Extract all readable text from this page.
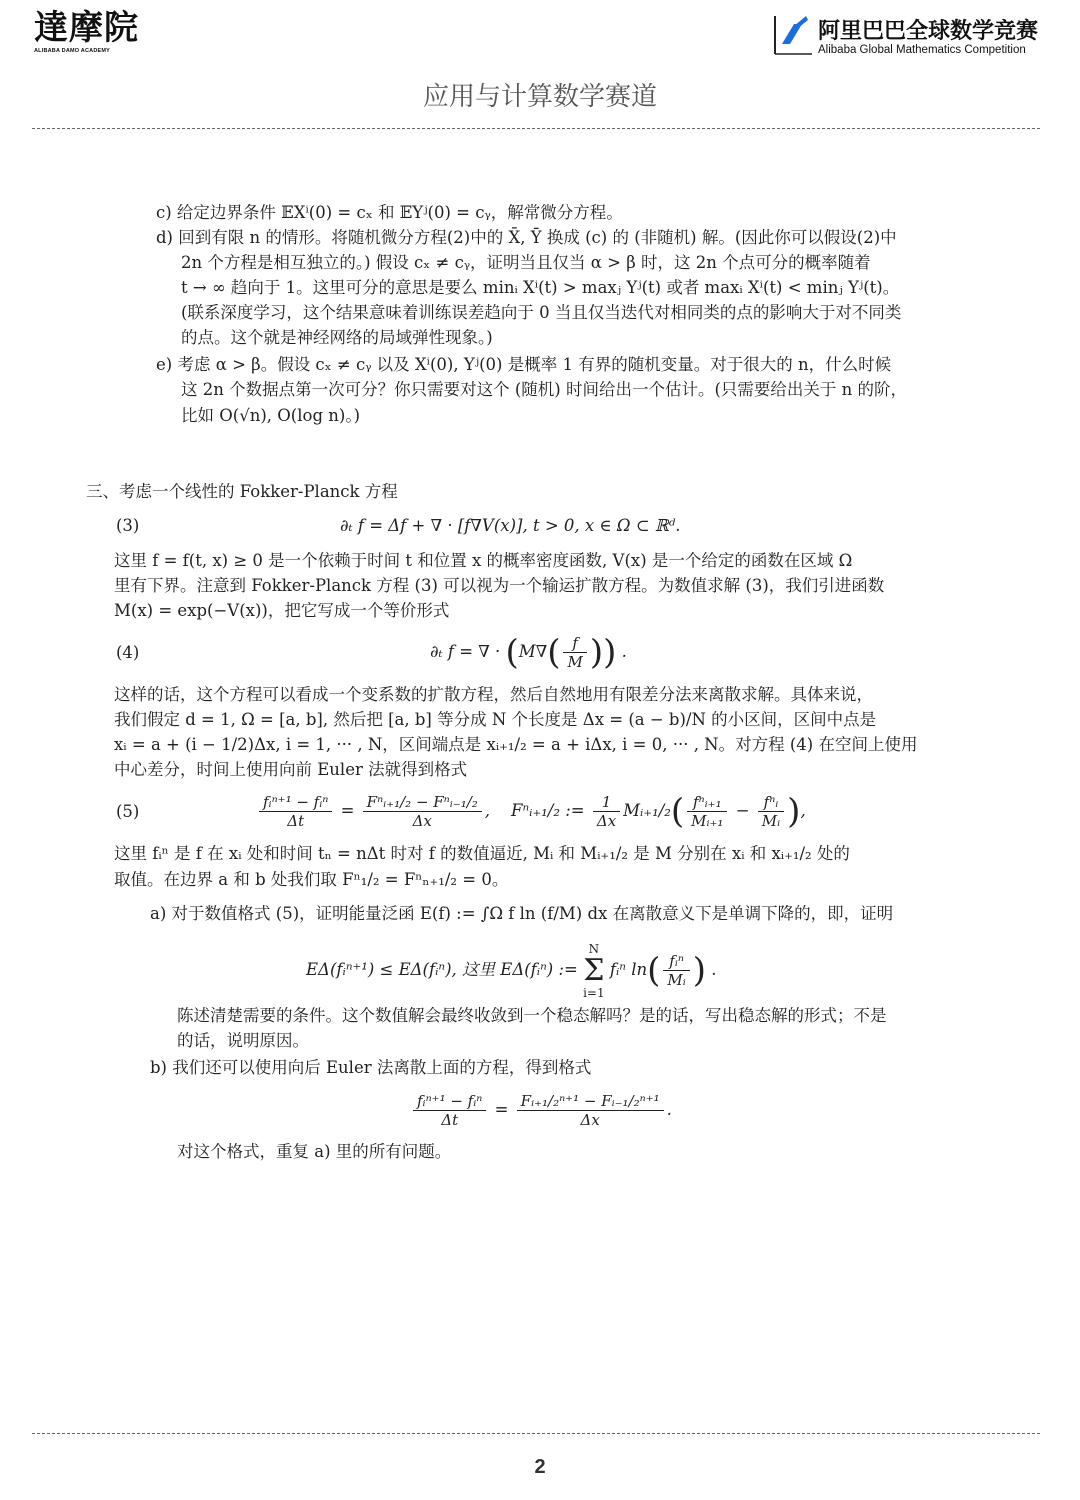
達摩院
ALIBABA DAMO ACADEMY
阿里巴巴全球数学竞赛
Alibaba Global Mathematics Competition
应用与计算数学赛道
c) 给定边界条件 𝔼Xⁱ(0) = cₓ 和 𝔼Yʲ(0) = cᵧ，解常微分方程。
d) 回到有限 n 的情形。将随机微分方程(2)中的 X̄, Ȳ 换成 (c) 的 (非随机) 解。(因此你可以假设(2)中
2n 个方程是相互独立的。) 假设 cₓ ≠ cᵧ，证明当且仅当 α > β 时，这 2n 个点可分的概率随着
t → ∞ 趋向于 1。这里可分的意思是要么 minᵢ Xⁱ(t) > maxⱼ Yʲ(t) 或者 maxᵢ Xⁱ(t) < minⱼ Yʲ(t)。
(联系深度学习，这个结果意味着训练误差趋向于 0 当且仅当迭代对相同类的点的影响大于对不同类
的点。这个就是神经网络的局域弹性现象。)
e) 考虑 α > β。假设 cₓ ≠ cᵧ 以及 Xⁱ(0), Yʲ(0) 是概率 1 有界的随机变量。对于很大的 n，什么时候
这 2n 个数据点第一次可分？你只需要对这个 (随机) 时间给出一个估计。(只需要给出关于 n 的阶，
比如 O(√n), O(log n)。)
三、考虑一个线性的 Fokker-Planck 方程
(3)	∂ₜ f = Δf + ∇ · [f∇V(x)], t > 0, x ∈ Ω ⊂ ℝᵈ.
这里 f = f(t, x) ≥ 0 是一个依赖于时间 t 和位置 x 的概率密度函数, V(x) 是一个给定的函数在区域 Ω
里有下界。注意到 Fokker-Planck 方程 (3) 可以视为一个输运扩散方程。为数值求解 (3)，我们引进函数
M(x) = exp(−V(x))，把它写成一个等价形式
(4)	∂ₜ f = ∇ · ($M\nabla( \frac{f}{M}$ )) .
这样的话，这个方程可以看成一个变系数的扩散方程，然后自然地用有限差分法来离散求解。具体来说，
我们假定 d = 1, Ω = [a, b], 然后把 [a, b] 等分成 N 个长度是 Δx = (a − b)/N 的小区间，区间中点是
xᵢ = a + (i − 1/2)Δx, i = 1, ··· , N，区间端点是 xᵢ₊₁/₂ = a + iΔx, i = 0, ··· , N。对方程 (4) 在空间上使用
中心差分，时间上使用向前 Euler 法就得到格式
(5)	$\frac{\text{fᵢⁿ⁺¹ − fᵢⁿ}}{\Delta t} = \frac{\text{Fⁿᵢ₊₁/₂ − Fⁿᵢ₋₁/₂}}{\Delta x}$ ,    Fⁿᵢ₊₁/₂ := $\frac{1}{\Delta x}$ Mᵢ₊₁/₂( $\frac{\text{fⁿᵢ₊₁}}{\text{Mᵢ₊₁}} - \frac{\text{fⁿᵢ}}{\text{Mᵢ}}$ ),
这里 fᵢⁿ 是 f 在 xᵢ 处和时间 tₙ = nΔt 时对 f 的数值逼近, Mᵢ 和 Mᵢ₊₁/₂ 是 M 分别在 xᵢ 和 xᵢ₊₁/₂ 处的
取值。在边界 a 和 b 处我们取 Fⁿ₁/₂ = Fⁿₙ₊₁/₂ = 0。
a) 对于数值格式 (5)，证明能量泛函 E(f) := ∫Ω f ln (f/M) dx 在离散意义下是单调下降的，即，证明
EΔ(fᵢⁿ⁺¹) ≤ EΔ(fᵢⁿ), 这里 EΔ(fᵢⁿ) :=
N
Σ
i=1
fᵢⁿ $\ln( \frac{\text{fᵢⁿ}}{\text{Mᵢ}}$ ) .
陈述清楚需要的条件。这个数值解会最终收敛到一个稳态解吗？是的话，写出稳态解的形式；不是
的话，说明原因。
b) 我们还可以使用向后 Euler 法离散上面的方程，得到格式
$\frac{\text{fᵢⁿ⁺¹ − fᵢⁿ}}{\Delta t} = \frac{\text{Fᵢ₊₁/₂ⁿ⁺¹ − Fᵢ₋₁/₂ⁿ⁺¹}}{\Delta x}$ .
对这个格式，重复 a) 里的所有问题。
2
